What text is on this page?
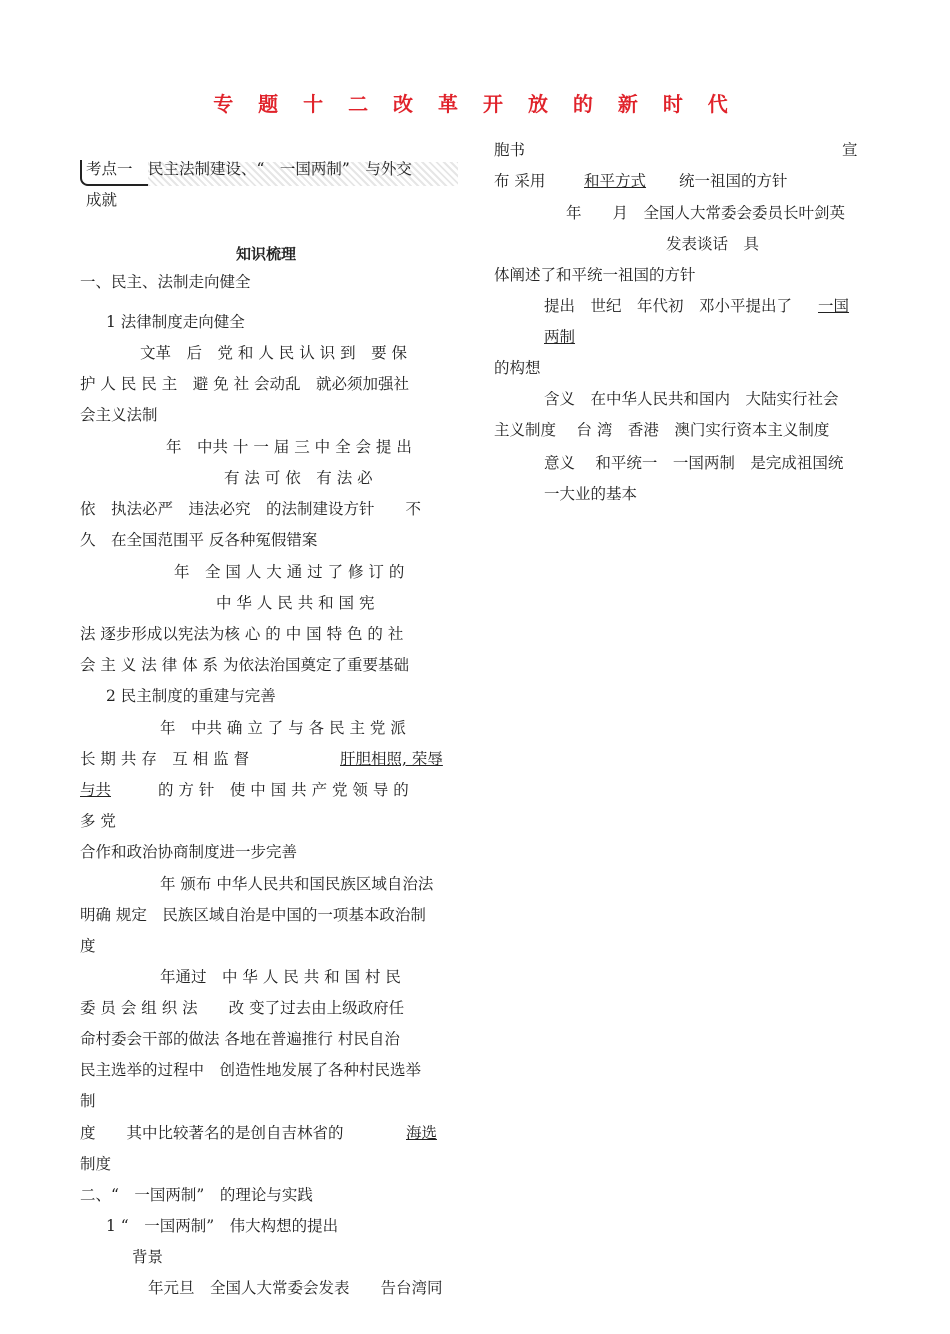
专 题 十 二 改 革 开 放 的 新 时 代
考点一　民主法制建设、“　一国两制”　与外交
成就
知识梳理
一、民主、法制走向健全
1 法律制度走向健全
文革　后　党 和 人 民 认 识 到　要 保
护 人 民 民 主　避 免 社 会动乱　就必须加强社
会主义法制
年　中共 十 一 届 三 中 全 会 提 出
有 法 可 依　有 法 必
依　执法必严　违法必究　的法制建设方针　　不
久　在全国范围平 反各种冤假错案
年　全 国 人 大 通 过 了 修 订 的
中 华 人 民 共 和 国 宪
法 逐步形成以宪法为核 心 的 中 国 特 色 的 社
会 主 义 法 律 体 系 为依法治国奠定了重要基础
2 民主制度的重建与完善
年　中共 确 立 了 与 各 民 主 党 派
长 期 共 存　互 相 监 督	肝胆相照, 荣辱
与共	的 方 针　使 中 国 共 产 党 领 导 的
多 党
合作和政治协商制度进一步完善
年 颁布 中华人民共和国民族区域自治法
明确 规定　民族区域自治是中国的一项基本政治制
度
年通过　中 华 人 民 共 和 国 村 民
委 员 会 组 织 法　　改 变了过去由上级政府任
命村委会干部的做法 各地在普遍推行 村民自治
民主选举的过程中　创造性地发展了各种村民选举
制
度　　其中比较著名的是创自吉林省的	海选
制度
二、“　一国两制”　的理论与实践
1 “　一国两制”　伟大构想的提出
背景
年元旦　全国人大常委会发表　　告台湾同
胞书	宣
布 采用 和平方式 统一祖国的方针
年　　月　全国人大常委会委员长叶剑英
发表谈话　具
体阐述了和平统一祖国的方针
提出　世纪　年代初　邓小平提出了 一国
两制
的构想
含义　在中华人民共和国内　大陆实行社会
主义制度　 台 湾　香港　澳门实行资本主义制度
意义　 和平统一　一国两制　是完成祖国统
一大业的基本
